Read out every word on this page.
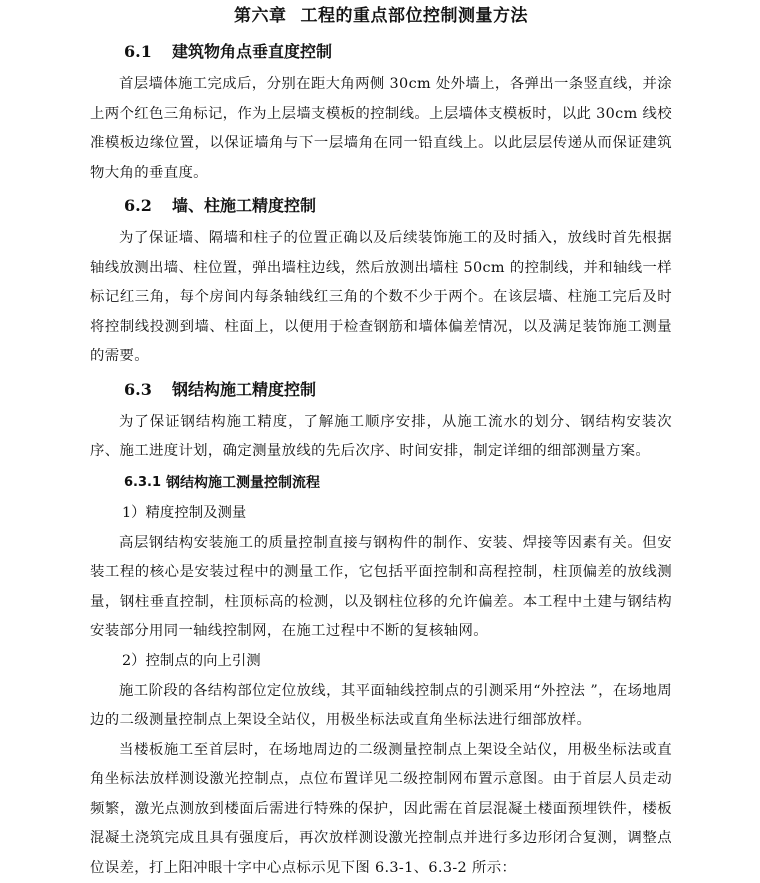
第六章 工程的重点部位控制测量方法
6.1	建筑物角点垂直度控制

首层墙体施工完成后，分别在距大角两侧 30cm 处外墙上，各弹出一条竖直线，并涂上两个红色三角标记，作为上层墙支模板的控制线。上层墙体支模板时，以此 30cm 线校准模板边缘位置，以保证墙角与下一层墙角在同一铅直线上。以此层层传递从而保证建筑物大角的垂直度。

6.2	墙、柱施工精度控制

为了保证墙、隔墙和柱子的位置正确以及后续装饰施工的及时插入，放线时首先根据轴线放测出墙、柱位置，弹出墙柱边线，然后放测出墙柱 50cm 的控制线，并和轴线一样标记红三角，每个房间内每条轴线红三角的个数不少于两个。在该层墙、柱施工完后及时将控制线投测到墙、柱面上，以便用于检查钢筋和墙体偏差情况，以及满足装饰施工测量的需要。

6.3	钢结构施工精度控制

为了保证钢结构施工精度，了解施工顺序安排，从施工流水的划分、钢结构安装次序、施工进度计划，确定测量放线的先后次序、时间安排，制定详细的细部测量方案。

6.3.1 钢结构施工测量控制流程

1）精度控制及测量

高层钢结构安装施工的质量控制直接与钢构件的制作、安装、焊接等因素有关。但安装工程的核心是安装过程中的测量工作，它包括平面控制和高程控制，柱顶偏差的放线测量，钢柱垂直控制，柱顶标高的检测，以及钢柱位移的允许偏差。本工程中土建与钢结构安装部分用同一轴线控制网，在施工过程中不断的复核轴网。

2）控制点的向上引测

施工阶段的各结构部位定位放线，其平面轴线控制点的引测采用“外控法 ”，在场地周边的二级测量控制点上架设全站仪，用极坐标法或直角坐标法进行细部放样。

当楼板施工至首层时，在场地周边的二级测量控制点上架设全站仪，用极坐标法或直角坐标法放样测设激光控制点，点位布置详见二级控制网布置示意图。由于首层人员走动频繁，激光点测放到楼面后需进行特殊的保护，因此需在首层混凝土楼面预埋铁件，楼板混凝土浇筑完成且具有强度后，再次放样测设激光控制点并进行多边形闭合复测，调整点位误差，打上阳冲眼十字中心点标示见下图 6.3-1、6.3-2 所示：
